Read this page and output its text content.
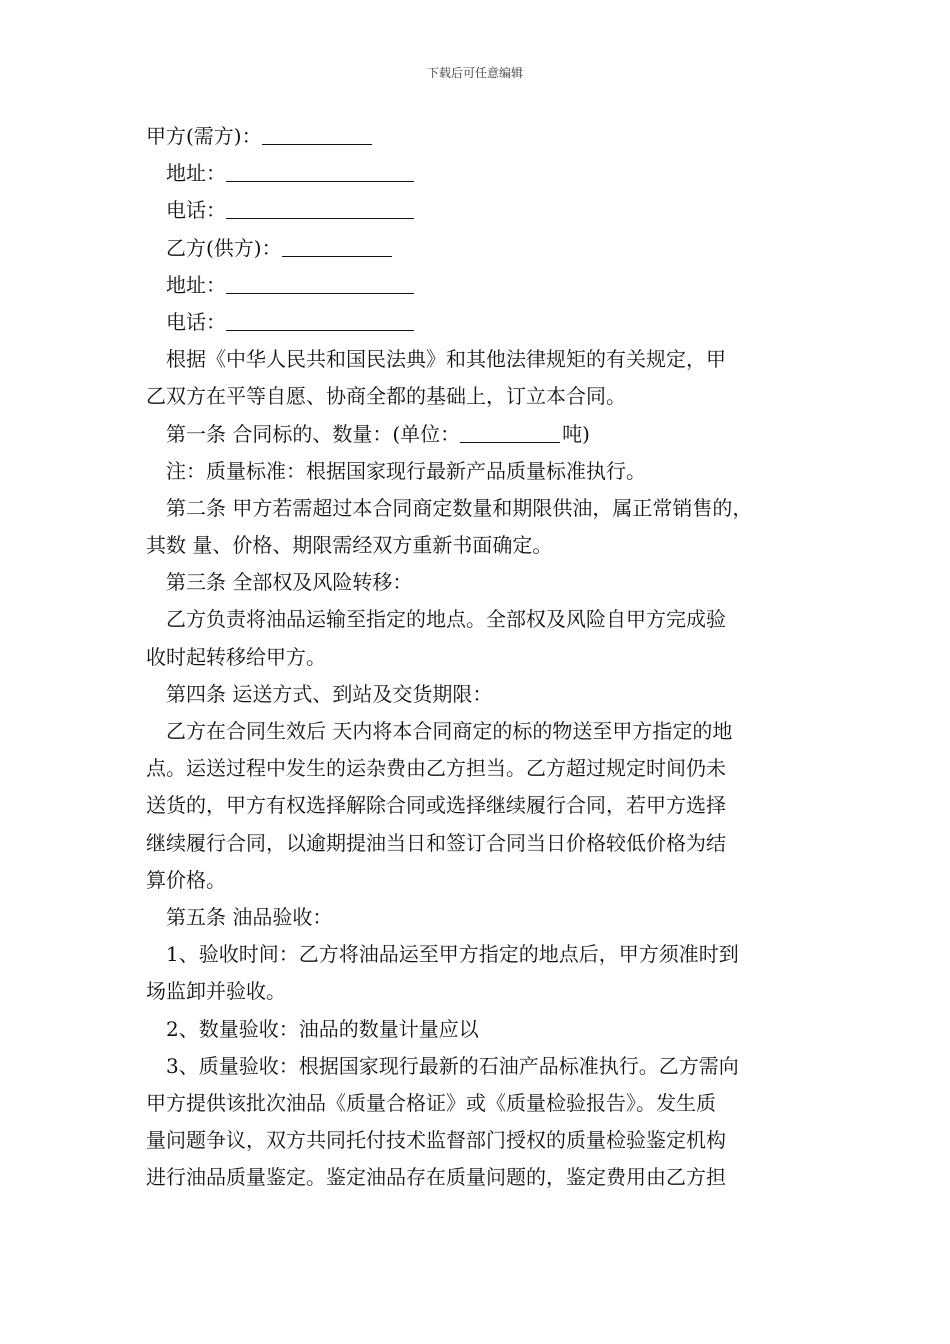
下载后可任意编辑
甲方(需方)：
地址：
电话：
乙方(供方)：
地址：
电话：
根据《中华人民共和国民法典》和其他法律规矩的有关规定，甲
乙双方在平等自愿、协商全都的基础上，订立本合同。
第一条 合同标的、数量：(单位：	吨)
注：质量标准：根据国家现行最新产品质量标准执行。
第二条 甲方若需超过本合同商定数量和期限供油，属正常销售的，
其数 量、价格、期限需经双方重新书面确定。
第三条 全部权及风险转移：
乙方负责将油品运输至指定的地点。全部权及风险自甲方完成验
收时起转移给甲方。
第四条 运送方式、到站及交货期限：
乙方在合同生效后 天内将本合同商定的标的物送至甲方指定的地
点。运送过程中发生的运杂费由乙方担当。乙方超过规定时间仍未
送货的，甲方有权选择解除合同或选择继续履行合同，若甲方选择
继续履行合同，以逾期提油当日和签订合同当日价格较低价格为结
算价格。
第五条 油品验收：
1、验收时间：乙方将油品运至甲方指定的地点后，甲方须准时到
场监卸并验收。
2、数量验收：油品的数量计量应以
3、质量验收：根据国家现行最新的石油产品标准执行。乙方需向
甲方提供该批次油品《质量合格证》或《质量检验报告》。发生质
量问题争议，双方共同托付技术监督部门授权的质量检验鉴定机构
进行油品质量鉴定。鉴定油品存在质量问题的，鉴定费用由乙方担
